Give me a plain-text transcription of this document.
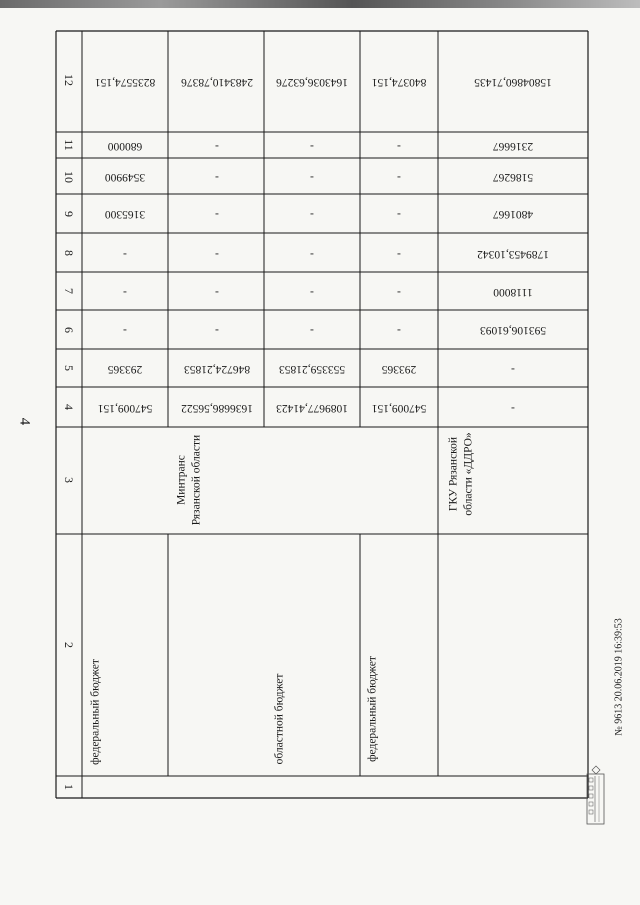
4
12
11
10
9
8
7
6
5
4
3
2
1
8235574,151
680000
3549900
3165300
-
-
-
293365
547009,151
федеральный бюджет
2483410,78376
-
-
-
-
-
-
846724,21853
1636686,56522
Минтранс Рязанской области
1643036,63276
-
-
-
-
-
-
553359,21853
1089677,41423
областной бюджет
840374,151
-
-
-
-
-
-
293365
547009,151
федеральный бюджет
15804860,71435
2316667
5186267
4801667
1789453,10342
1118000
593106,61093
-
-
ГКУ Рязанской области «ДДРО»
№ 9613 20.06.2019 16:39:53
